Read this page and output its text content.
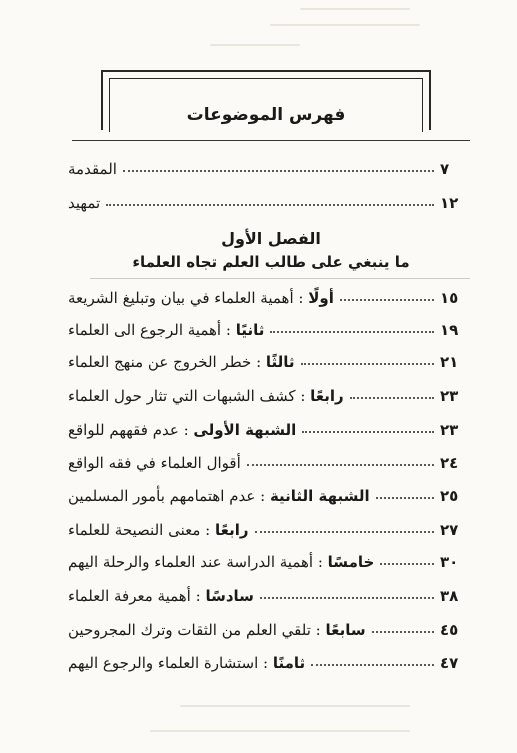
فهرس الموضوعات
المقدمة	٧
تمهيد	١٢
الفصل الأول
ما ينبغي على طالب العلم تجاه العلماء
أولًا : أهمية العلماء في بيان وتبليغ الشريعة	١٥
ثانيًا : أهمية الرجوع الى العلماء	١٩
ثالثًا : خطر الخروج عن منهج العلماء	٢١
رابعًا : كشف الشبهات التي تثار حول العلماء	٢٣
الشبهة الأولى : عدم فقههم للواقع	٢٣
أقوال العلماء في فقه الواقع	٢٤
الشبهة الثانية : عدم اهتمامهم بأمور المسلمين	٢٥
رابعًا : معنى النصيحة للعلماء	٢٧
خامسًا : أهمية الدراسة عند العلماء والرحلة اليهم	٣٠
سادسًا : أهمية معرفة العلماء	٣٨
سابعًا : تلقي العلم من الثقات وترك المجروحين	٤٥
ثامنًا : استشارة العلماء والرجوع اليهم	٤٧
